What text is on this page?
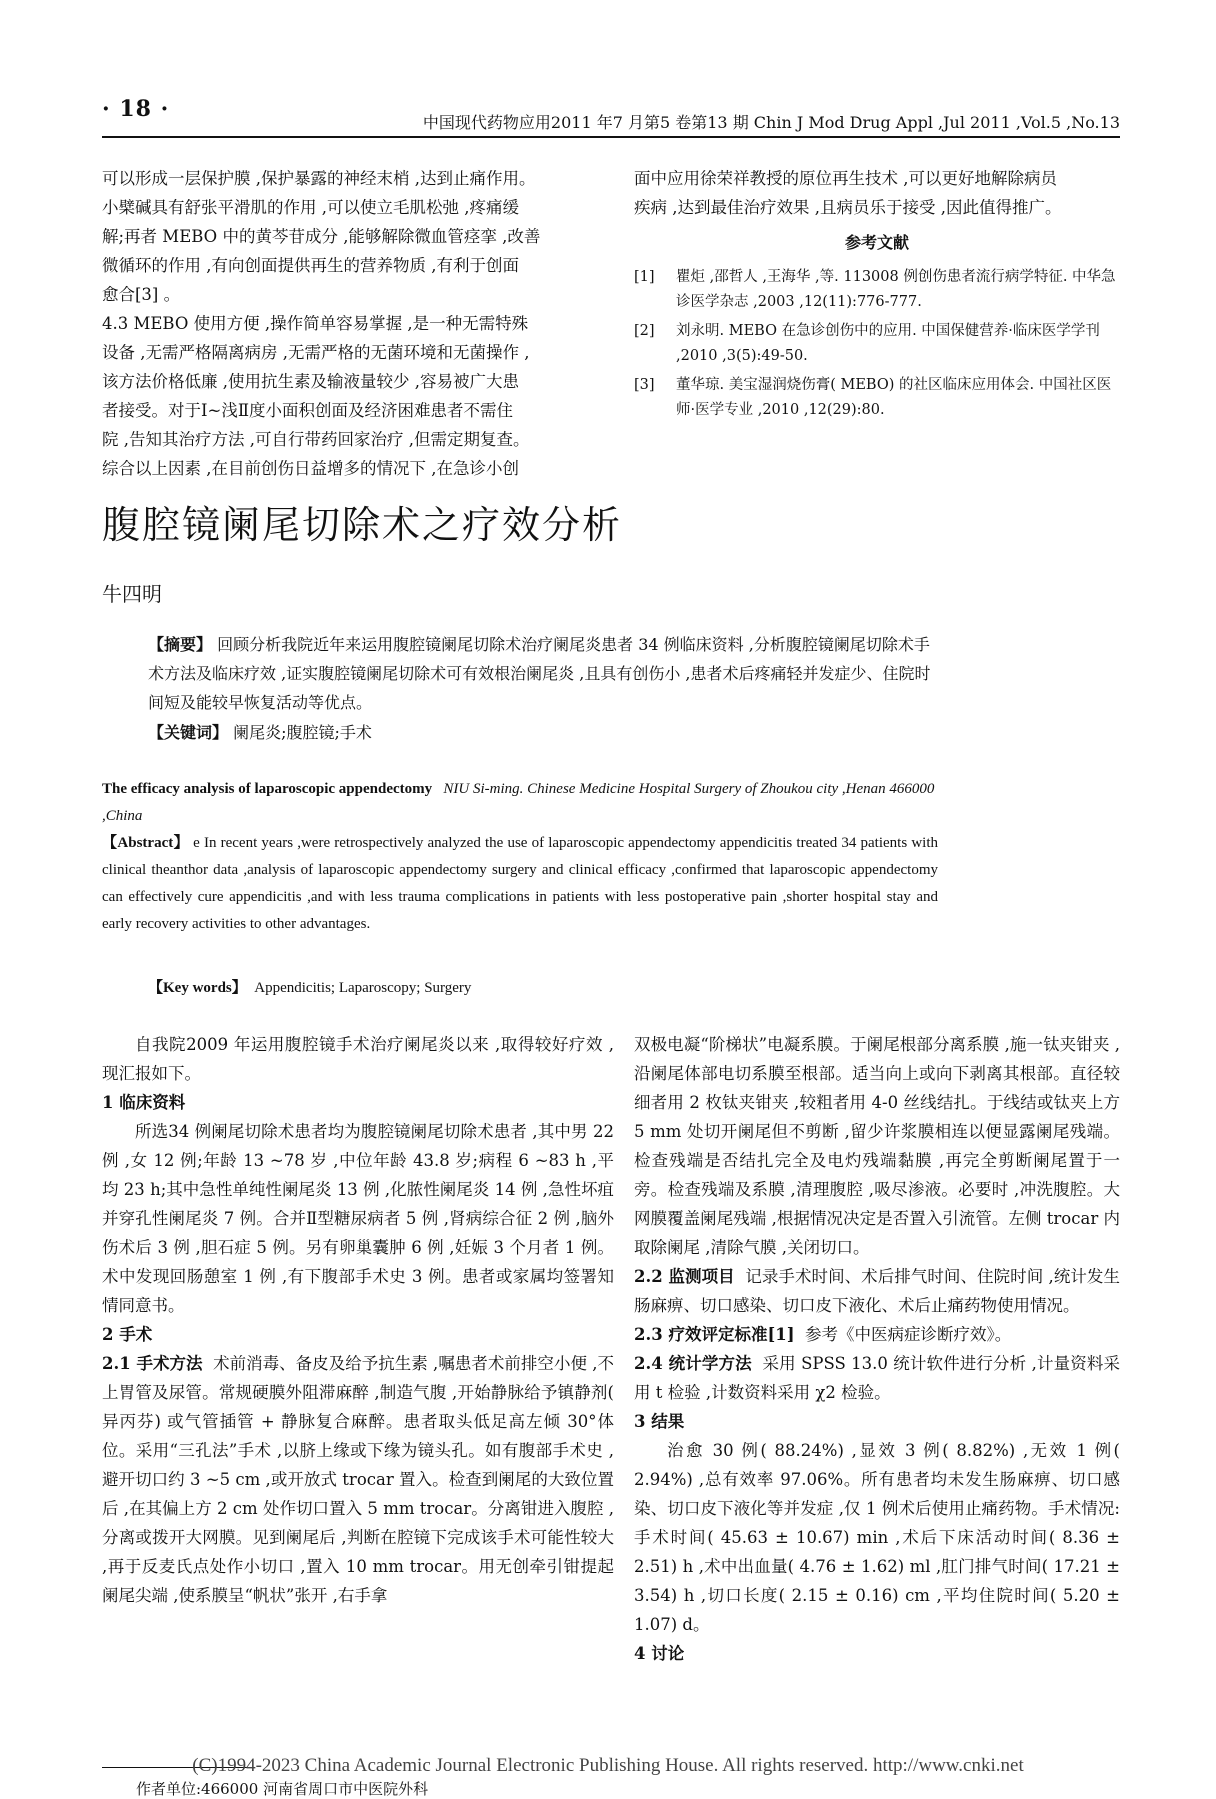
· 18 ·
中国现代药物应用2011 年7 月第5 卷第13 期 Chin J Mod Drug Appl ,Jul 2011 ,Vol.5 ,No.13
可以形成一层保护膜 ,保护暴露的神经末梢 ,达到止痛作用。
小檗碱具有舒张平滑肌的作用 ,可以使立毛肌松弛 ,疼痛缓
解;再者 MEBO 中的黄芩苷成分 ,能够解除微血管痉挛 ,改善
微循环的作用 ,有向创面提供再生的营养物质 ,有利于创面
愈合[3] 。
4.3 MEBO 使用方便 ,操作简单容易掌握 ,是一种无需特殊
设备 ,无需严格隔离病房 ,无需严格的无菌环境和无菌操作 ,
该方法价格低廉 ,使用抗生素及输液量较少 ,容易被广大患
者接受。对于Ⅰ~浅Ⅱ度小面积创面及经济困难患者不需住
院 ,告知其治疗方法 ,可自行带药回家治疗 ,但需定期复查。
综合以上因素 ,在目前创伤日益增多的情况下 ,在急诊小创
面中应用徐荣祥教授的原位再生技术 ,可以更好地解除病员
疾病 ,达到最佳治疗效果 ,且病员乐于接受 ,因此值得推广。
参考文献
[1]	瞿炬 ,邵哲人 ,王海华 ,等. 113008 例创伤患者流行病学特征. 中华急诊医学杂志 ,2003 ,12(11):776-777.
[2]	刘永明. MEBO 在急诊创伤中的应用. 中国保健营养·临床医学学刊 ,2010 ,3(5):49-50.
[3]	董华琼. 美宝湿润烧伤膏( MEBO) 的社区临床应用体会. 中国社区医师·医学专业 ,2010 ,12(29):80.
腹腔镜阑尾切除术之疗效分析
牛四明
【摘要】 回顾分析我院近年来运用腹腔镜阑尾切除术治疗阑尾炎患者 34 例临床资料 ,分析腹腔镜阑尾切除术手术方法及临床疗效 ,证实腹腔镜阑尾切除术可有效根治阑尾炎 ,且具有创伤小 ,患者术后疼痛轻并发症少、住院时间短及能较早恢复活动等优点。
【关键词】 阑尾炎;腹腔镜;手术
The efficacy analysis of laparoscopic appendectomy NIU Si-ming. Chinese Medicine Hospital Surgery of Zhoukou city ,Henan 466000 ,China
【Abstract】 e In recent years ,were retrospectively analyzed the use of laparoscopic appendectomy appendicitis treated 34 patients with clinical theanthor data ,analysis of laparoscopic appendectomy surgery and clinical efficacy ,confirmed that laparoscopic appendectomy can effectively cure appendicitis ,and with less trauma complications in patients with less postoperative pain ,shorter hospital stay and early recovery activities to other advantages.
【Key words】 Appendicitis; Laparoscopy; Surgery

自我院2009 年运用腹腔镜手术治疗阑尾炎以来 ,取得较好疗效 ,现汇报如下。

1 临床资料

所选34 例阑尾切除术患者均为腹腔镜阑尾切除术患者 ,其中男 22 例 ,女 12 例;年龄 13 ~78 岁 ,中位年龄 43.8 岁;病程 6 ~83 h ,平均 23 h;其中急性单纯性阑尾炎 13 例 ,化脓性阑尾炎 14 例 ,急性坏疽并穿孔性阑尾炎 7 例。合并Ⅱ型糖尿病者 5 例 ,肾病综合征 2 例 ,脑外伤术后 3 例 ,胆石症 5 例。另有卵巢囊肿 6 例 ,妊娠 3 个月者 1 例。术中发现回肠憩室 1 例 ,有下腹部手术史 3 例。患者或家属均签署知情同意书。

2 手术

2.1 手术方法 术前消毒、备皮及给予抗生素 ,嘱患者术前排空小便 ,不上胃管及尿管。常规硬膜外阻滞麻醉 ,制造气腹 ,开始静脉给予镇静剂( 异丙芬) 或气管插管 + 静脉复合麻醉。患者取头低足高左倾 30°体位。采用“三孔法”手术 ,以脐上缘或下缘为镜头孔。如有腹部手术史 ,避开切口约 3 ~5 cm ,或开放式 trocar 置入。检查到阑尾的大致位置后 ,在其偏上方 2 cm 处作切口置入 5 mm trocar。分离钳进入腹腔 ,分离或拨开大网膜。见到阑尾后 ,判断在腔镜下完成该手术可能性较大 ,再于反麦氏点处作小切口 ,置入 10 mm trocar。用无创牵引钳提起阑尾尖端 ,使系膜呈“帆状”张开 ,右手拿

双极电凝“阶梯状”电凝系膜。于阑尾根部分离系膜 ,施一钛夹钳夹 ,沿阑尾体部电切系膜至根部。适当向上或向下剥离其根部。直径较细者用 2 枚钛夹钳夹 ,较粗者用 4-0 丝线结扎。于线结或钛夹上方 5 mm 处切开阑尾但不剪断 ,留少许浆膜相连以便显露阑尾残端。检查残端是否结扎完全及电灼残端黏膜 ,再完全剪断阑尾置于一旁。检查残端及系膜 ,清理腹腔 ,吸尽渗液。必要时 ,冲洗腹腔。大网膜覆盖阑尾残端 ,根据情况决定是否置入引流管。左侧 trocar 内取除阑尾 ,清除气膜 ,关闭切口。

2.2 监测项目 记录手术时间、术后排气时间、住院时间 ,统计发生肠麻痹、切口感染、切口皮下液化、术后止痛药物使用情况。

2.3 疗效评定标准[1] 参考《中医病症诊断疗效》。

2.4 统计学方法 采用 SPSS 13.0 统计软件进行分析 ,计量资料采用 t 检验 ,计数资料采用 χ2 检验。

3 结果

治愈 30 例( 88.24%) ,显效 3 例( 8.82%) ,无效 1 例( 2.94%) ,总有效率 97.06%。所有患者均未发生肠麻痹、切口感染、切口皮下液化等并发症 ,仅 1 例术后使用止痛药物。手术情况:手术时间( 45.63 ± 10.67) min ,术后下床活动时间( 8.36 ± 2.51) h ,术中出血量( 4.76 ± 1.62) ml ,肛门排气时间( 17.21 ± 3.54) h ,切口长度( 2.15 ± 0.16) cm ,平均住院时间( 5.20 ± 1.07) d。

4 讨论

作者单位:466000 河南省周口市中医院外科
(C)1994-2023 China Academic Journal Electronic Publishing House. All rights reserved. http://www.cnki.net
